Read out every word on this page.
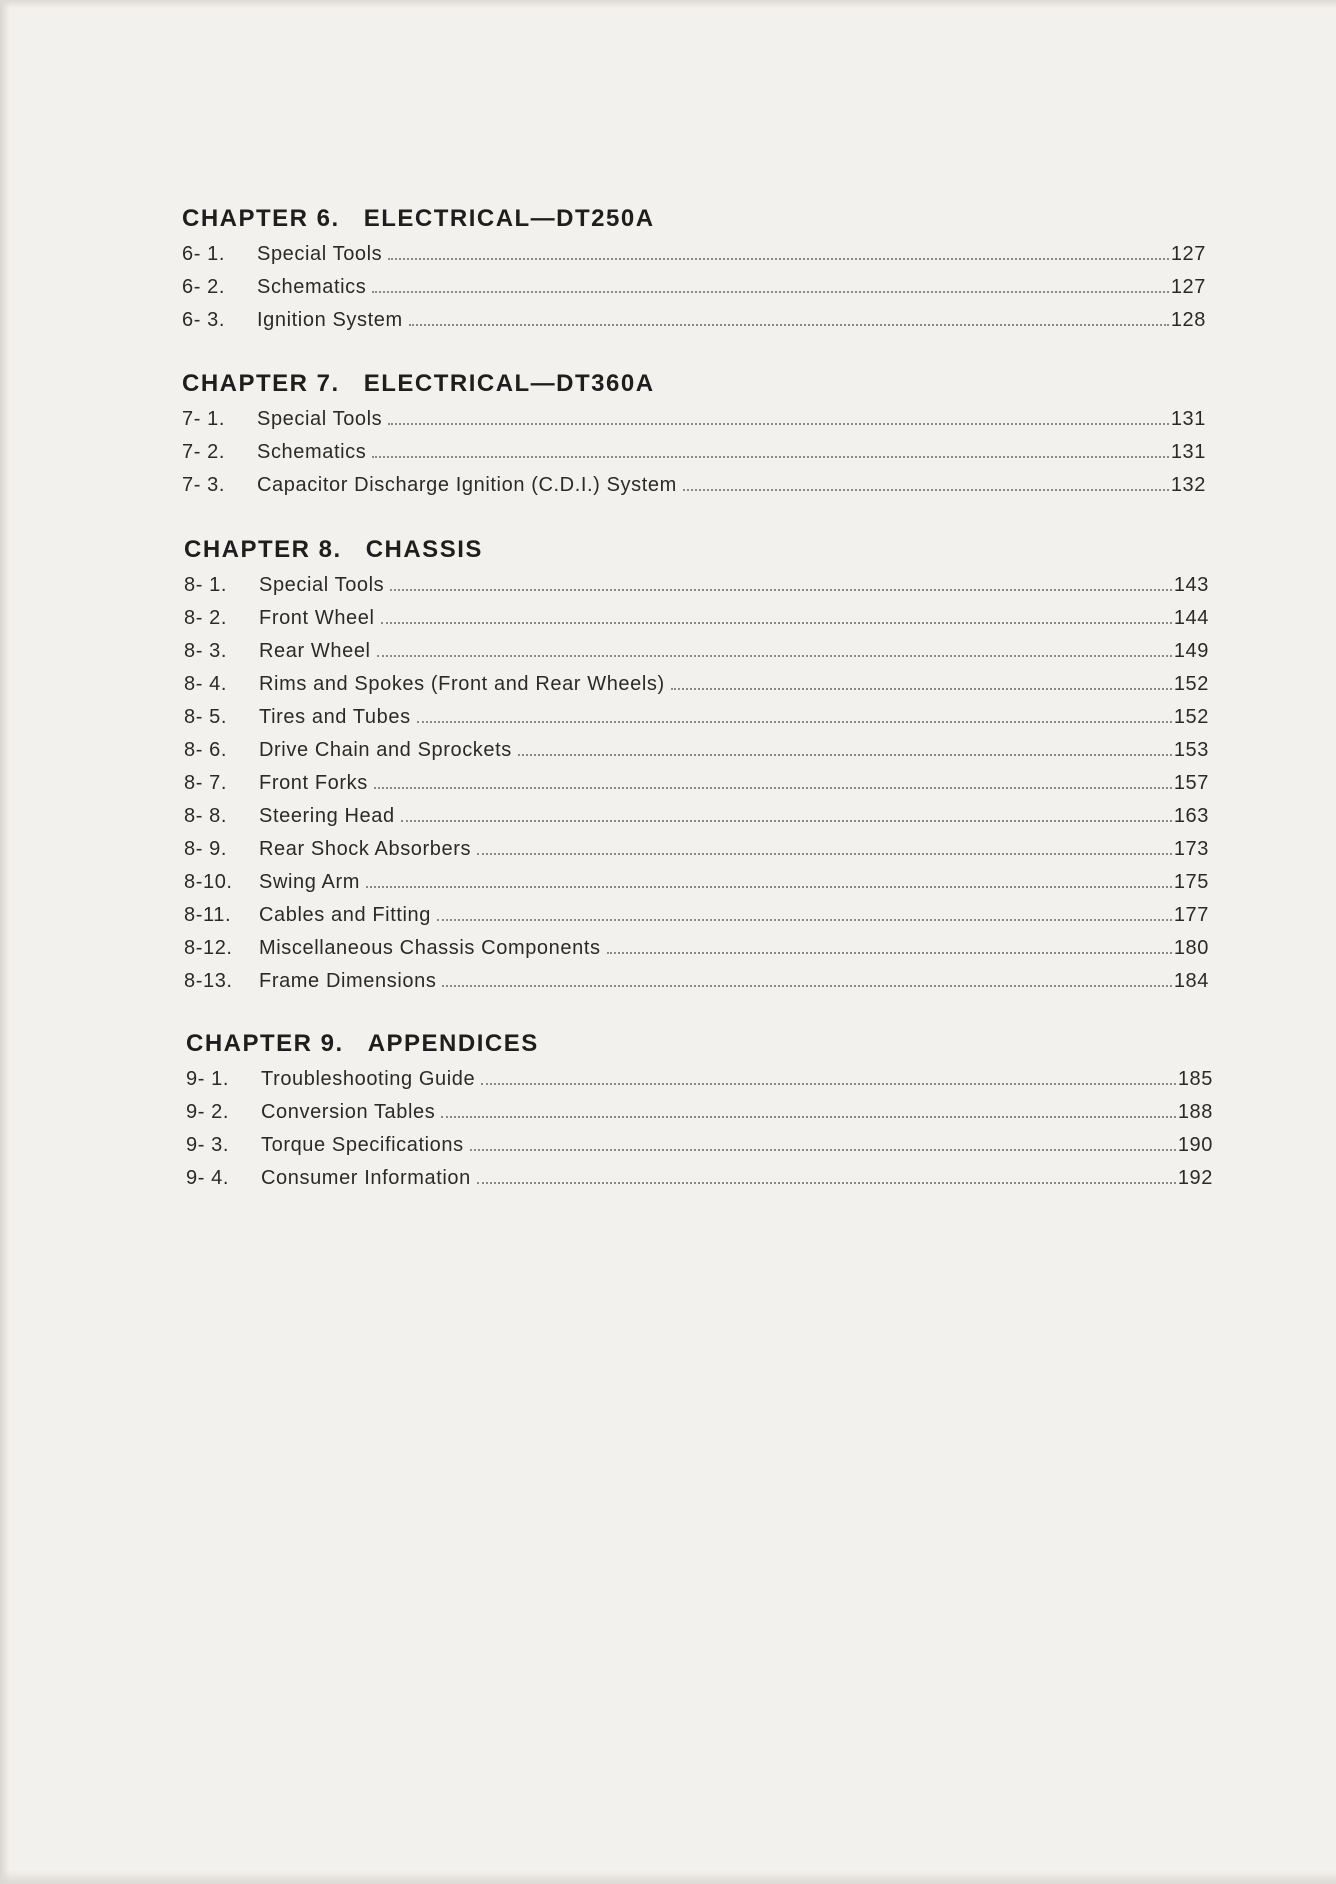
CHAPTER 6. ELECTRICAL—DT250A
6- 1.	Special Tools	127
6- 2.	Schematics	127
6- 3.	Ignition System	128
CHAPTER 7. ELECTRICAL—DT360A
7- 1.	Special Tools	131
7- 2.	Schematics	131
7- 3.	Capacitor Discharge Ignition (C.D.I.) System	132
CHAPTER 8. CHASSIS
8- 1.	Special Tools	143
8- 2.	Front Wheel	144
8- 3.	Rear Wheel	149
8- 4.	Rims and Spokes (Front and Rear Wheels)	152
8- 5.	Tires and Tubes	152
8- 6.	Drive Chain and Sprockets	153
8- 7.	Front Forks	157
8- 8.	Steering Head	163
8- 9.	Rear Shock Absorbers	173
8-10.	Swing Arm	175
8-11.	Cables and Fitting	177
8-12.	Miscellaneous Chassis Components	180
8-13.	Frame Dimensions	184
CHAPTER 9. APPENDICES
9- 1.	Troubleshooting Guide	185
9- 2.	Conversion Tables	188
9- 3.	Torque Specifications	190
9- 4.	Consumer Information	192
